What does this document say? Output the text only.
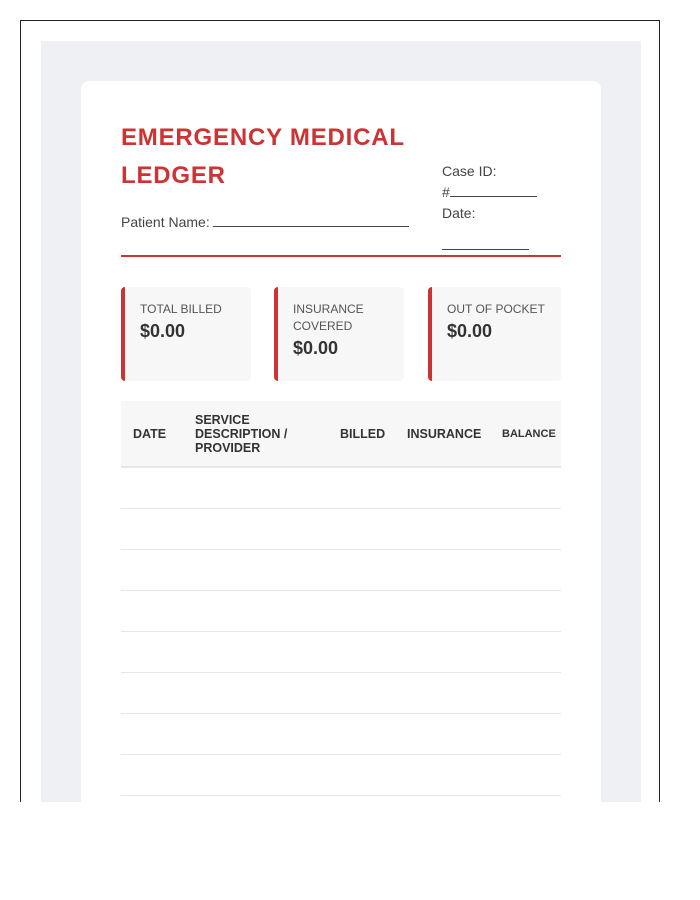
EMERGENCY MEDICAL LEDGER
Patient Name:
Case ID:
#
Date:
TOTAL BILLED
$0.00
INSURANCE COVERED
$0.00
OUT OF POCKET
$0.00
DATE	SERVICE DESCRIPTION / PROVIDER	BILLED	INSURANCE	BALANCE
